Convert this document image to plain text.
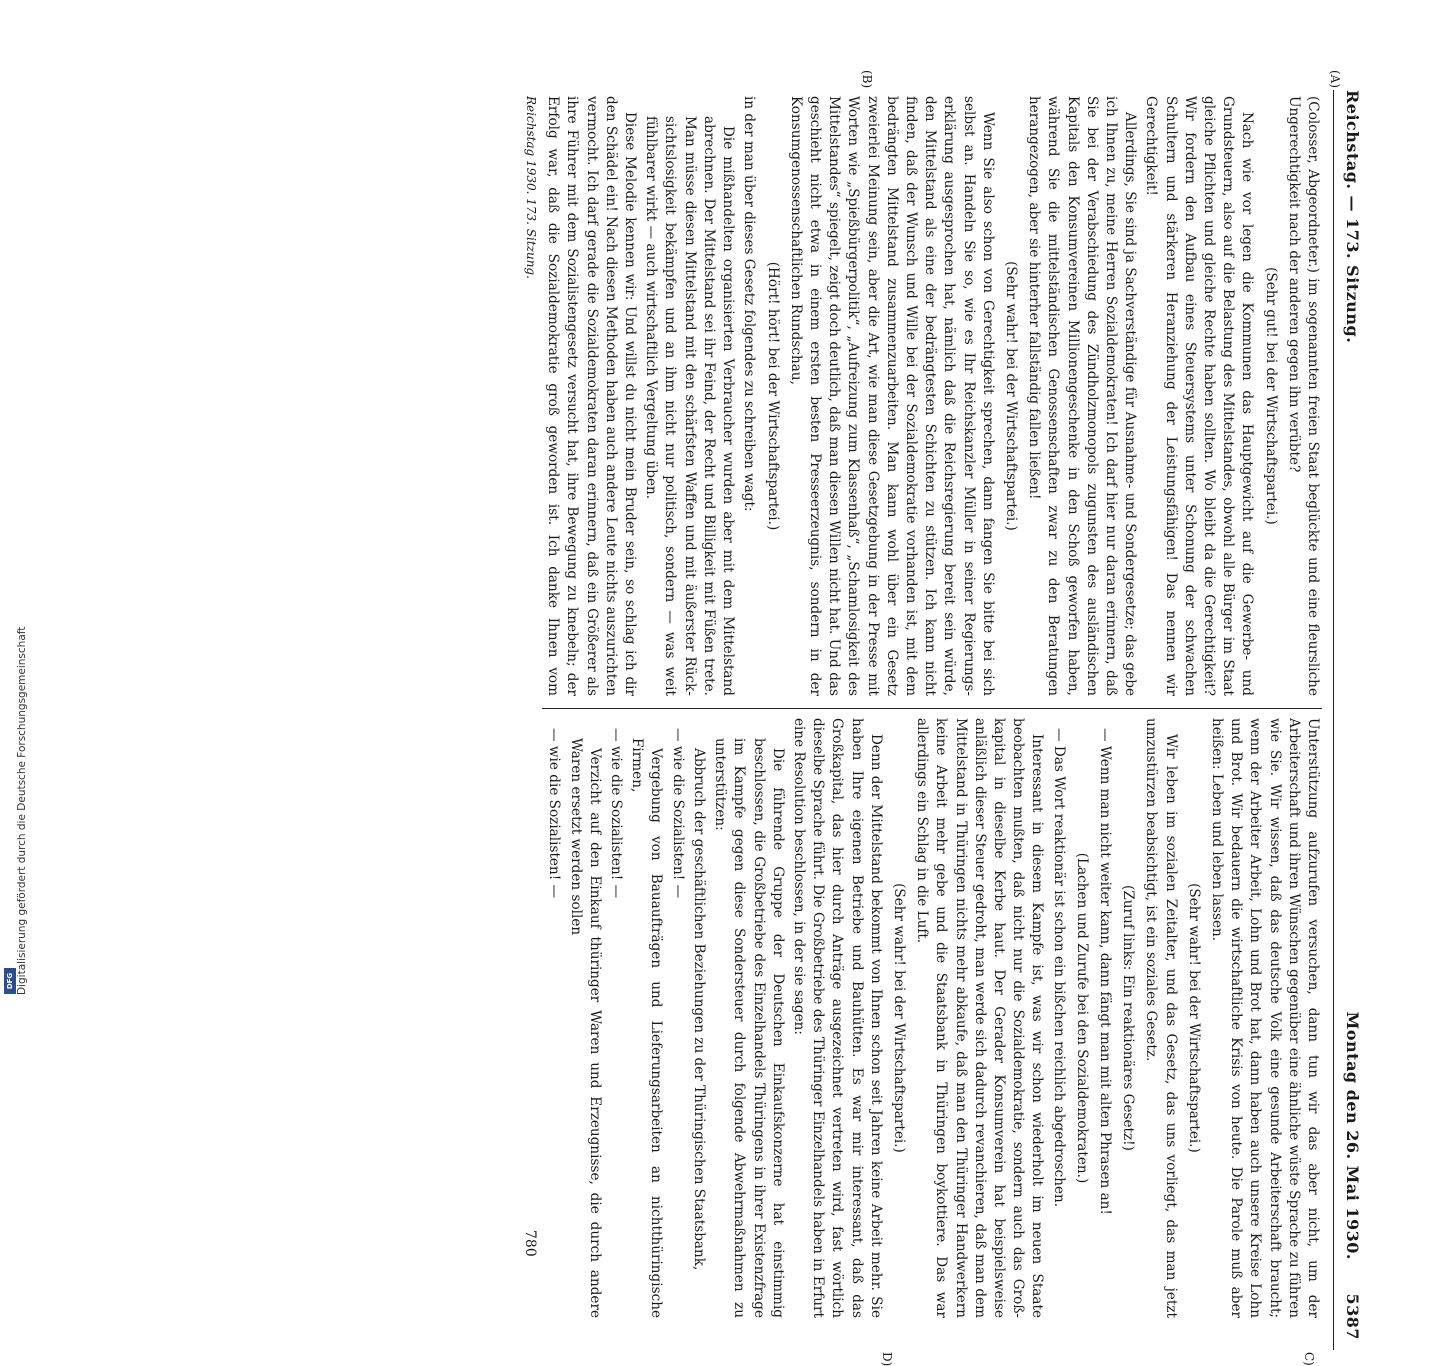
Digitalisierung gefördert durch die Deutsche Forschungsgemeinschaft
DFG
Reichstag. — 173. Sitzung.
Montag den 26. Mai 1930.
5387
(A)
(B)
C)
D)

(Colosser, Abgeordneter.) im sogenannten freien Staat beglückte und eine fleursliche Ungerechtigkeit nach der anderen gegen ihn verübte?

(Sehr gut! bei der Wirtschaftspartei.)

Nach wie vor legen die Kommunen das Hauptgewicht auf die Gewerbe- und Grundsteuern, also auf die Belastung des Mittelstandes, obwohl alle Bürger im Staat gleiche Pflichten und gleiche Rechte haben sollten. Wo bleibt da die Gerechtigkeit? Wir fordern den Aufbau eines Steuersystems unter Schonung der schwachen Schultern und stärkeren Heranziehung der Leistungsfähigen! Das nennen wir Gerechtigkeit!

Allerdings, Sie sind ja Sachverständige für Ausnahme- und Sondergesetze; das gebe ich Ihnen zu, meine Herren Sozialdemokraten! Ich darf hier nur daran erinnern, daß Sie bei der Verabschiedung des Zündholzmonopols zugunsten des ausländischen Kapitals den Konsumvereinen Millionengeschenke in den Schoß geworfen haben, während Sie die mittelständischen Genossenschaften zwar zu den Beratungen herangezogen, aber sie hinterher fallständig fallen ließen!

(Sehr wahr! bei der Wirtschaftspartei.)

Wenn Sie also schon von Gerechtigkeit sprechen, dann fangen Sie bitte bei sich selbst an. Handeln Sie so, wie es Ihr Reichskanzler Müller in seiner Regierungserklärung ausgesprochen hat, nämlich daß die Reichsregierung bereit sein würde, den Mittelstand als eine der bedrängtesten Schichten zu stützen. Ich kann nicht finden, daß der Wunsch und Wille bei der Sozialdemokratie vorhanden ist, mit dem bedrängten Mittelstand zusammenzuarbeiten. Man kann wohl über ein Gesetz zweierlei Meinung sein, aber die Art, wie man diese Gesetzgebung in der Presse mit Worten wie „Spießbürgerpolitik“, „Aufreizung zum Klassenhaß“, „Schamlosigkeit des Mittelstandes“ spiegelt, zeigt doch deutlich, daß man diesen Willen nicht hat. Und das geschieht nicht etwa in einem ersten besten Presseerzeugnis, sondern in der Konsumgenossenschaftlichen Rundschau,

(Hört! hört! bei der Wirtschaftspartei.)

in der man über dieses Gesetz folgendes zu schreiben wagt:

Die mißhandelten organisierten Verbraucher wurden aber mit dem Mittelstand abrechnen. Der Mittelstand sei ihr Feind, der Recht und Billigkeit mit Füßen trete. Man müsse diesen Mittelstand mit den schärfsten Waffen und mit äußerster Rücksichtslosigkeit bekämpfen und an ihm nicht nur politisch, sondern — was weit fühlbarer wirkt — auch wirtschaftlich Vergeltung üben.

Diese Melodie kennen wir: Und willst du nicht mein Bruder sein, so schlag ich dir den Schädel ein! Nach diesen Methoden haben auch andere Leute nichts auszurichten vermocht. Ich darf gerade die Sozialdemokraten daran erinnern, daß ein Größerer als ihre Führer mit dem Sozialistengesetz versucht hat, ihre Bewegung zu knebeln; der Erfolg war, daß die Sozialdemokratie groß geworden ist. Ich danke Ihnen vom

Unterstützung aufzurufen versuchen, dann tun wir das aber nicht, um der Arbeiterschaft und ihren Wünschen gegenüber eine ähnliche wüste Sprache zu führen wie Sie. Wir wissen, daß das deutsche Volk eine gesunde Arbeiterschaft braucht; wenn der Arbeiter Arbeit, Lohn und Brot hat, dann haben auch unsere Kreise Lohn und Brot. Wir bedauern die wirtschaftliche Krisis von heute. Die Parole muß aber heißen: Leben und leben lassen.

(Sehr wahr! bei der Wirtschaftspartei.)

Wir leben im sozialen Zeitalter, und das Gesetz, das uns vorliegt, das man jetzt umzustürzen beabsichtigt, ist ein soziales Gesetz.

(Zuruf links: Ein reaktionäres Gesetz!)

— Wenn man nicht weiter kann, dann fängt man mit alten Phrasen an!

(Lachen und Zurufe bei den Sozialdemokraten.)

— Das Wort reaktionär ist schon ein bißchen reichlich abgedroschen.

Interessant in diesem Kampfe ist, was wir schon wiederholt im neuen Staate beobachten mußten, daß nicht nur die Sozialdemokratie, sondern auch das Großkapital in dieselbe Kerbe haut. Der Gerader Konsumverein hat beispielsweise anläßlich dieser Steuer gedroht, man werde sich dadurch revanchieren, daß man dem Mittelstand in Thüringen nichts mehr abkaufe, daß man den Thüringer Handwerkern keine Arbeit mehr gebe und die Staatsbank in Thüringen boykottiere. Das war allerdings ein Schlag in die Luft.

(Sehr wahr! bei der Wirtschaftspartei.)

Denn der Mittelstand bekommt von Ihnen schon seit Jahren keine Arbeit mehr. Sie haben Ihre eigenen Betriebe und Bauhütten. Es war mir interessant, daß das Großkapital, das hier durch Anträge ausgezeichnet vertreten wird, fast wörtlich dieselbe Sprache führt. Die Großbetriebe des Thüringer Einzelhandels haben in Erfurt eine Resolution beschlossen, in der sie sagen:

Die führende Gruppe der Deutschen Einkaufskonzerne hat einstimmig beschlossen, die Großbetriebe des Einzelhandels Thüringens in ihrer Existenzfrage im Kampfe gegen diese Sondersteuer durch folgende Abwehrmaßnahmen zu unterstützen:

Abbruch der geschäftlichen Beziehungen zu der Thüringischen Staatsbank,

— wie die Sozialisten! —

Vergebung von Bauaufträgen und Lieferungsarbeiten an nichtthüringische Firmen,

— wie die Sozialisten! —

Verzicht auf den Einkauf thüringer Waren und Erzeugnisse, die durch andere Waren ersetzt werden sollen

— wie die Sozialisten! —

Reichstag 1930. 173. Sitzung.
780
